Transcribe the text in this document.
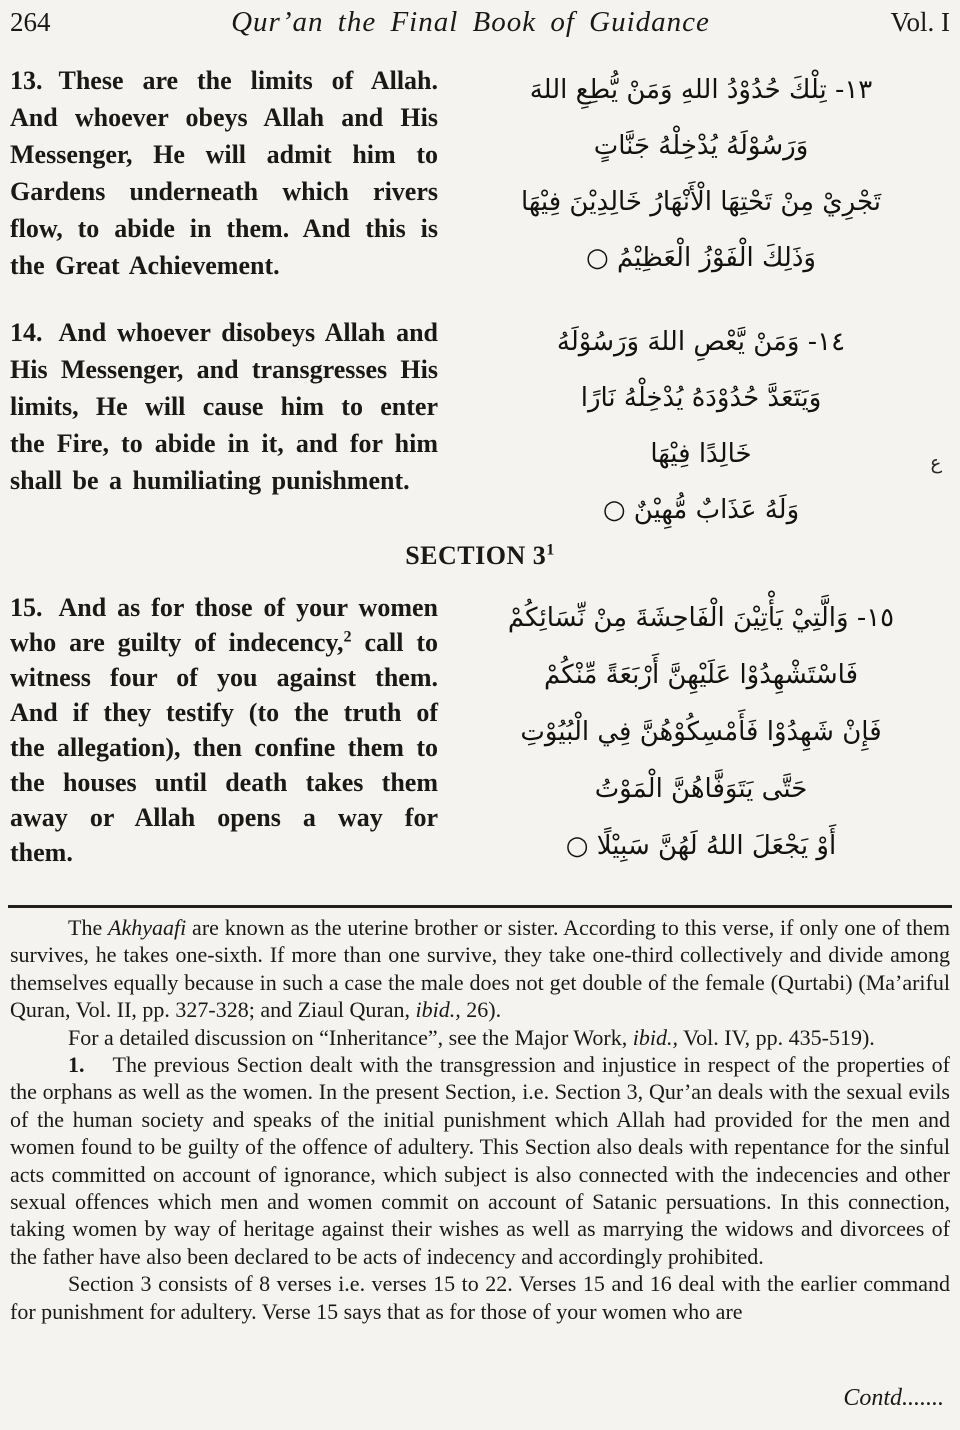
264	Qur’an the Final Book of Guidance	Vol. I
13. These are the limits of Allah. And whoever obeys Allah and His Messenger, He will admit him to Gardens underneath which rivers flow, to abide in them. And this is the Great Achievement.
١٣- تِلْكَ حُدُوْدُ اللهِ وَمَنْ يُّطِعِ اللهَ
وَرَسُوْلَهُ يُدْخِلْهُ جَنَّاتٍ
تَجْرِيْ مِنْ تَحْتِهَا الْأَنْهَارُ خَالِدِيْنَ فِيْهَا
وَذَلِكَ الْفَوْزُ الْعَظِيْمُ ○
14. And whoever disobeys Allah and His Messenger, and transgresses His limits, He will cause him to enter the Fire, to abide in it, and for him shall be a humiliating punishment.
١٤- وَمَنْ يَّعْصِ اللهَ وَرَسُوْلَهُ
وَيَتَعَدَّ حُدُوْدَهُ يُدْخِلْهُ نَارًا
خَالِدًا فِيْهَا
وَلَهُ عَذَابٌ مُّهِيْنٌ ○
ع
SECTION $3^1$
15. And as for those of your women who are guilty of indecency,$^2$ call to witness four of you against them. And if they testify (to the truth of the allegation), then confine them to the houses until death takes them away or Allah opens a way for them.
١٥- وَالَّتِيْ يَأْتِيْنَ الْفَاحِشَةَ مِنْ نِّسَائِكُمْ
فَاسْتَشْهِدُوْا عَلَيْهِنَّ أَرْبَعَةً مِّنْكُمْ
فَإِنْ شَهِدُوْا فَأَمْسِكُوْهُنَّ فِي الْبُيُوْتِ
حَتَّى يَتَوَفَّاهُنَّ الْمَوْتُ
أَوْ يَجْعَلَ اللهُ لَهُنَّ سَبِيْلًا ○

The Akhyaafi are known as the uterine brother or sister. According to this verse, if only one of them survives, he takes one-sixth. If more than one survive, they take one-third collectively and divide among themselves equally because in such a case the male does not get double of the female (Qurtabi) (Ma’ariful Quran, Vol. II, pp. 327-328; and Ziaul Quran, ibid., 26).

For a detailed discussion on “Inheritance”, see the Major Work, ibid., Vol. IV, pp. 435-519).

1. The previous Section dealt with the transgression and injustice in respect of the properties of the orphans as well as the women. In the present Section, i.e. Section 3, Qur’an deals with the sexual evils of the human society and speaks of the initial punishment which Allah had provided for the men and women found to be guilty of the offence of adultery. This Section also deals with repentance for the sinful acts committed on account of ignorance, which subject is also connected with the indecencies and other sexual offences which men and women commit on account of Satanic persuations. In this connection, taking women by way of heritage against their wishes as well as marrying the widows and divorcees of the father have also been declared to be acts of indecency and accordingly prohibited.

Section 3 consists of 8 verses i.e. verses 15 to 22. Verses 15 and 16 deal with the earlier command for punishment for adultery. Verse 15 says that as for those of your women who are

Contd.......
